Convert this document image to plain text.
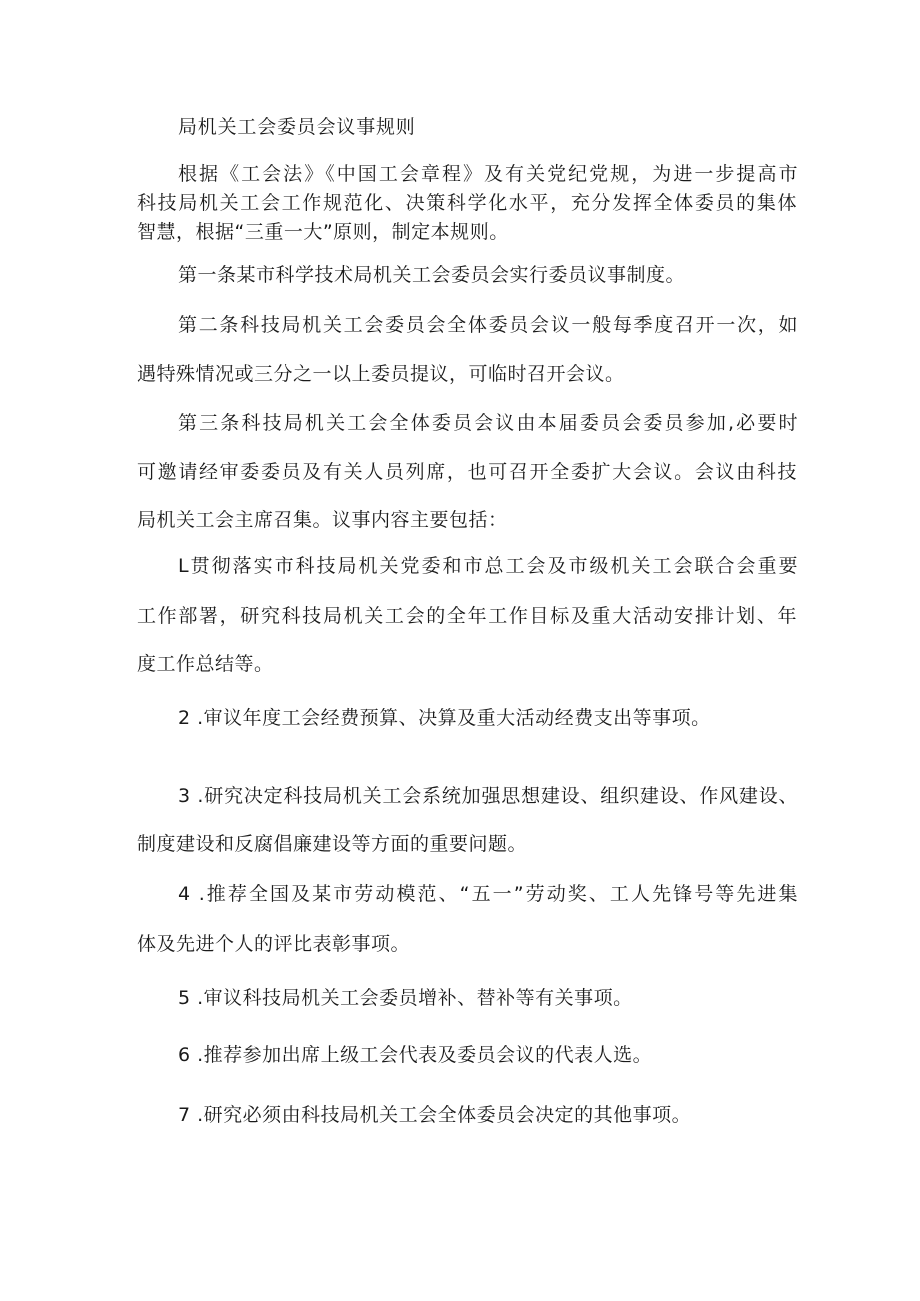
局机关工会委员会议事规则
根据《工会法》《中国工会章程》及有关党纪党规，为进一步提高市
科技局机关工会工作规范化、决策科学化水平，充分发挥全体委员的集体
智慧，根据“三重一大”原则，制定本规则。
第一条某市科学技术局机关工会委员会实行委员议事制度。
第二条科技局机关工会委员会全体委员会议一般每季度召开一次，如
遇特殊情况或三分之一以上委员提议，可临时召开会议。
第三条科技局机关工会全体委员会议由本届委员会委员参加,必要时
可邀请经审委委员及有关人员列席，也可召开全委扩大会议。会议由科技
局机关工会主席召集。议事内容主要包括：
L贯彻落实市科技局机关党委和市总工会及市级机关工会联合会重要
工作部署，研究科技局机关工会的全年工作目标及重大活动安排计划、年
度工作总结等。
2 .审议年度工会经费预算、决算及重大活动经费支出等事项。
3 .研究决定科技局机关工会系统加强思想建设、组织建设、作风建设、
制度建设和反腐倡廉建设等方面的重要问题。
4 .推荐全国及某市劳动模范、“五一”劳动奖、工人先锋号等先进集
体及先进个人的评比表彰事项。
5 .审议科技局机关工会委员增补、替补等有关事项。
6 .推荐参加出席上级工会代表及委员会议的代表人选。
7 .研究必须由科技局机关工会全体委员会决定的其他事项。
